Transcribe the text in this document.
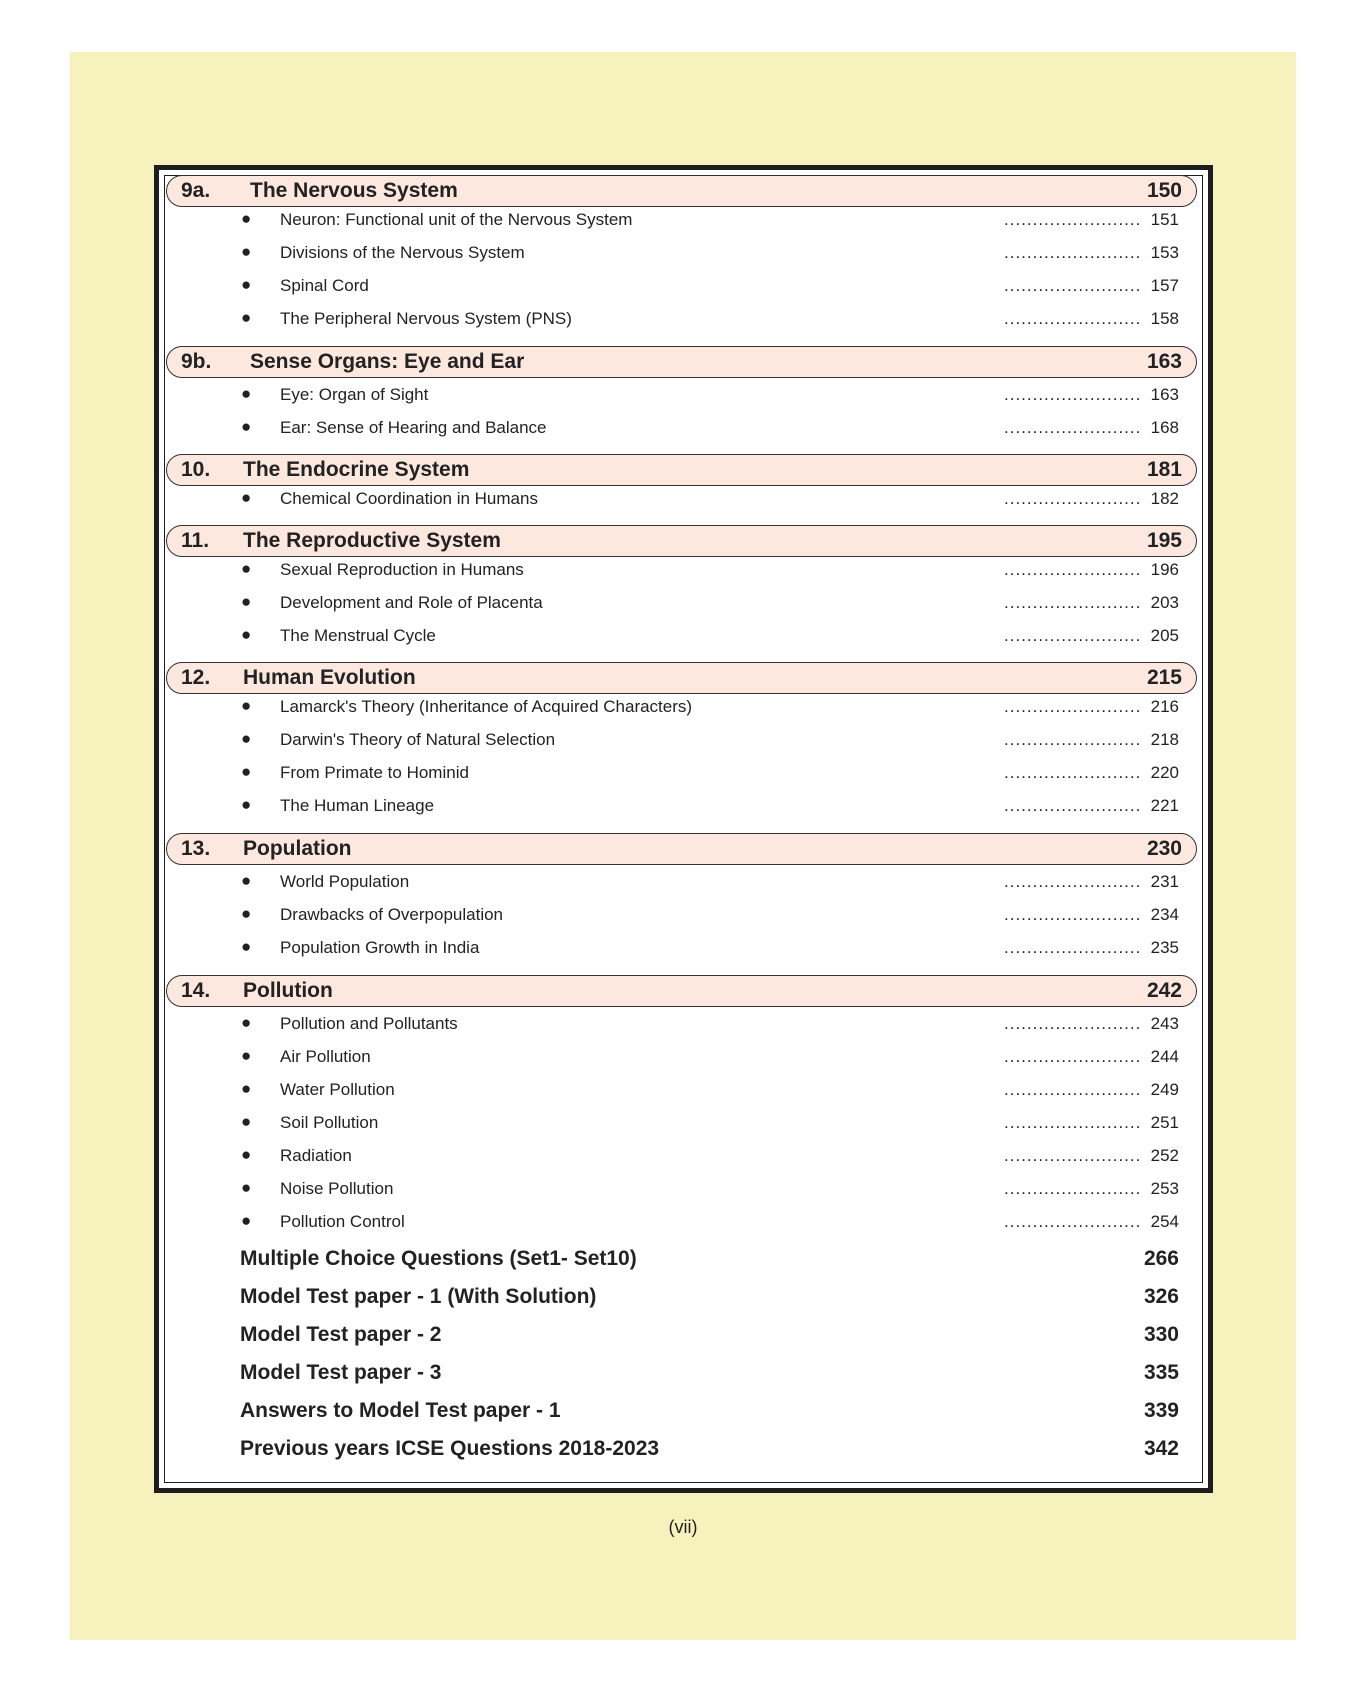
9a. The Nervous System	150
● Neuron: Functional unit of the Nervous System	........................ 151
● Divisions of the Nervous System	........................ 153
● Spinal Cord	........................ 157
● The Peripheral Nervous System (PNS)	........................ 158
9b. Sense Organs: Eye and Ear	163
● Eye: Organ of Sight	........................ 163
● Ear: Sense of Hearing and Balance	........................ 168
10. The Endocrine System	181
● Chemical Coordination in Humans	........................ 182
11. The Reproductive System	195
● Sexual Reproduction in Humans	........................ 196
● Development and Role of Placenta	........................ 203
● The Menstrual Cycle	........................ 205
12. Human Evolution	215
● Lamarck's Theory (Inheritance of Acquired Characters)	........................ 216
● Darwin's Theory of Natural Selection	........................ 218
● From Primate to Hominid	........................ 220
● The Human Lineage	........................ 221
13. Population	230
● World Population	........................ 231
● Drawbacks of Overpopulation	........................ 234
● Population Growth in India	........................ 235
14. Pollution	242
● Pollution and Pollutants	........................ 243
● Air Pollution	........................ 244
● Water Pollution	........................ 249
● Soil Pollution	........................ 251
● Radiation	........................ 252
● Noise Pollution	........................ 253
● Pollution Control	........................ 254
Multiple Choice Questions (Set1- Set10)	266
Model Test paper - 1 (With Solution)	326
Model Test paper - 2	330
Model Test paper - 3	335
Answers to Model Test paper - 1	339
Previous years ICSE Questions 2018-2023	342
(vii)
